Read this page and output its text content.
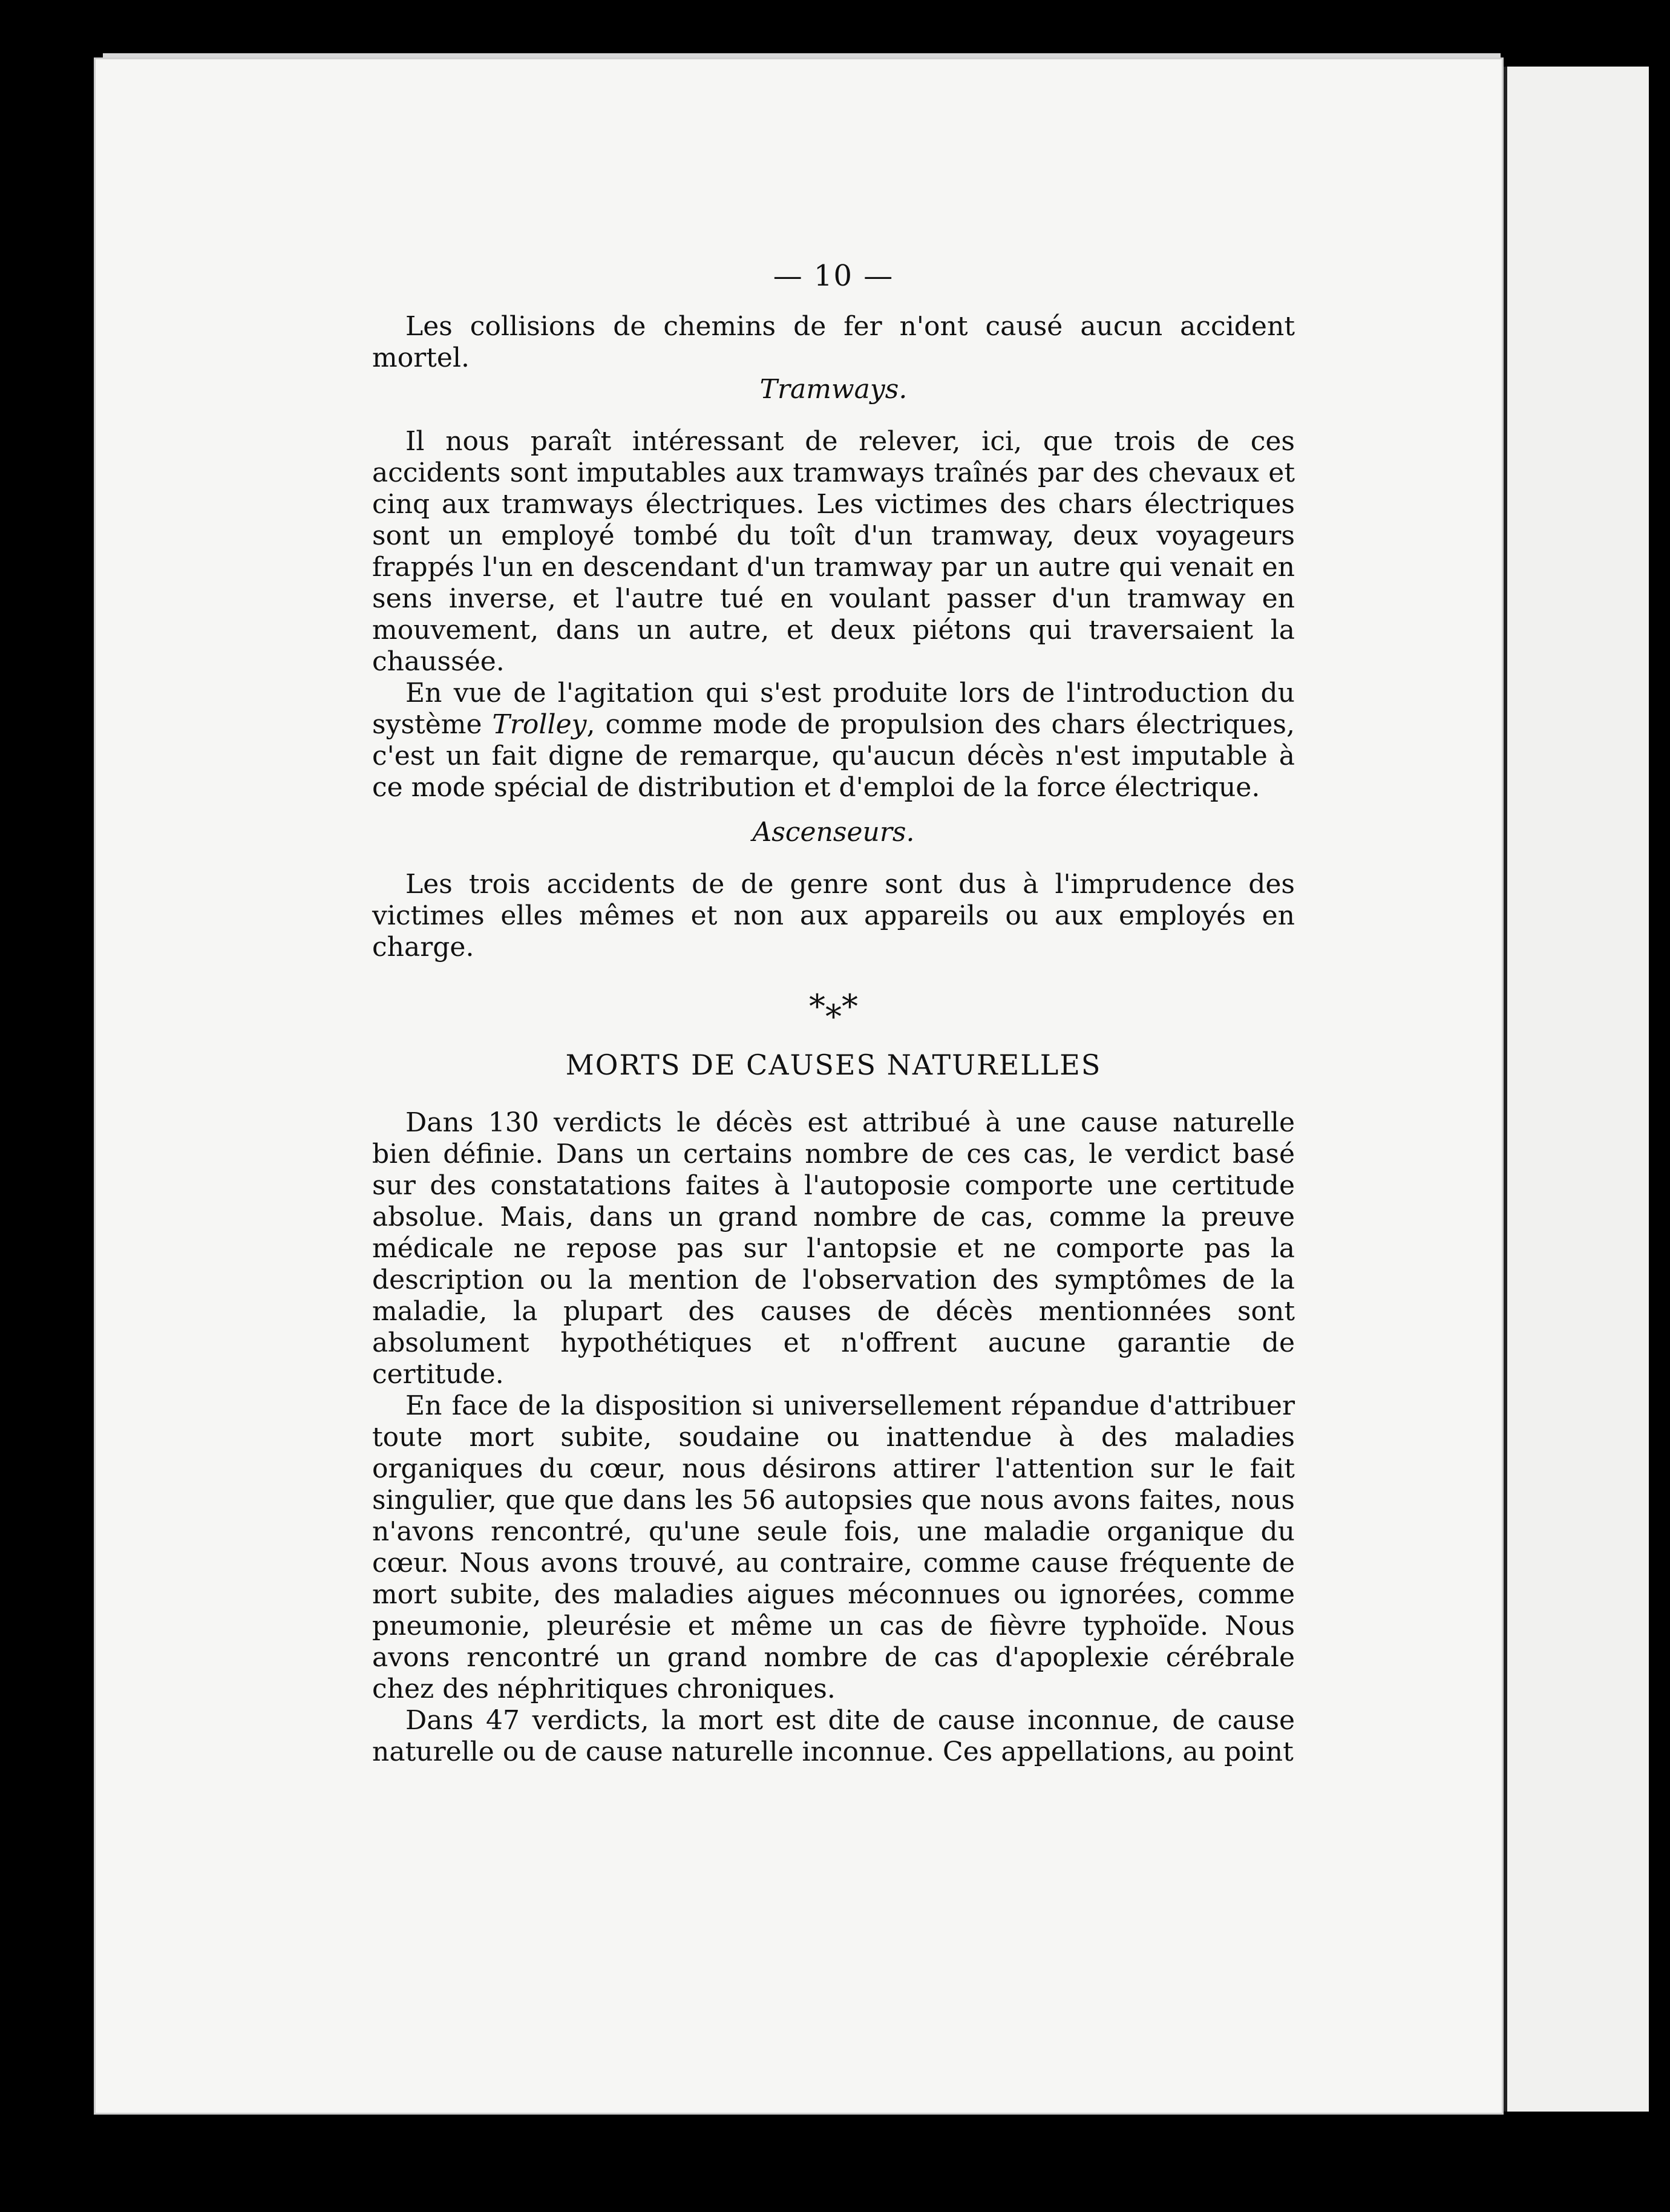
— 10 —

Les collisions de chemins de fer n'ont causé aucun accident mortel.

Tramways.

Il nous paraît intéressant de relever, ici, que trois de ces accidents sont imputables aux tramways traînés par des chevaux et cinq aux tramways électriques. Les victimes des chars électriques sont un employé tombé du toît d'un tramway, deux voyageurs frappés l'un en descendant d'un tramway par un autre qui venait en sens inverse, et l'autre tué en voulant passer d'un tramway en mouvement, dans un autre, et deux piétons qui traversaient la chaussée.

En vue de l'agitation qui s'est produite lors de l'introduction du système Trolley, comme mode de propulsion des chars électriques, c'est un fait digne de remarque, qu'aucun décès n'est imputable à ce mode spécial de distribution et d'emploi de la force électrique.

Ascenseurs.

Les trois accidents de de genre sont dus à l'imprudence des victimes elles mêmes et non aux appareils ou aux employés en charge.

*⁎*
MORTS DE CAUSES NATURELLES

Dans 130 verdicts le décès est attribué à une cause naturelle bien définie. Dans un certains nombre de ces cas, le verdict basé sur des constatations faites à l'autoposie comporte une certitude absolue. Mais, dans un grand nombre de cas, comme la preuve médicale ne repose pas sur l'antopsie et ne comporte pas la description ou la mention de l'observation des symptômes de la maladie, la plupart des causes de décès mentionnées sont absolument hypothétiques et n'offrent aucune garantie de certitude.

En face de la disposition si universellement répandue d'attribuer toute mort subite, soudaine ou inattendue à des maladies organiques du cœur, nous désirons attirer l'attention sur le fait singulier, que que dans les 56 autopsies que nous avons faites, nous n'avons rencontré, qu'une seule fois, une maladie organique du cœur. Nous avons trouvé, au contraire, comme cause fréquente de mort subite, des maladies aigues méconnues ou ignorées, comme pneumonie, pleurésie et même un cas de fièvre typhoïde. Nous avons rencontré un grand nombre de cas d'apoplexie cérébrale chez des néphritiques chroniques.

Dans 47 verdicts, la mort est dite de cause inconnue, de cause naturelle ou de cause naturelle inconnue. Ces appellations, au point
